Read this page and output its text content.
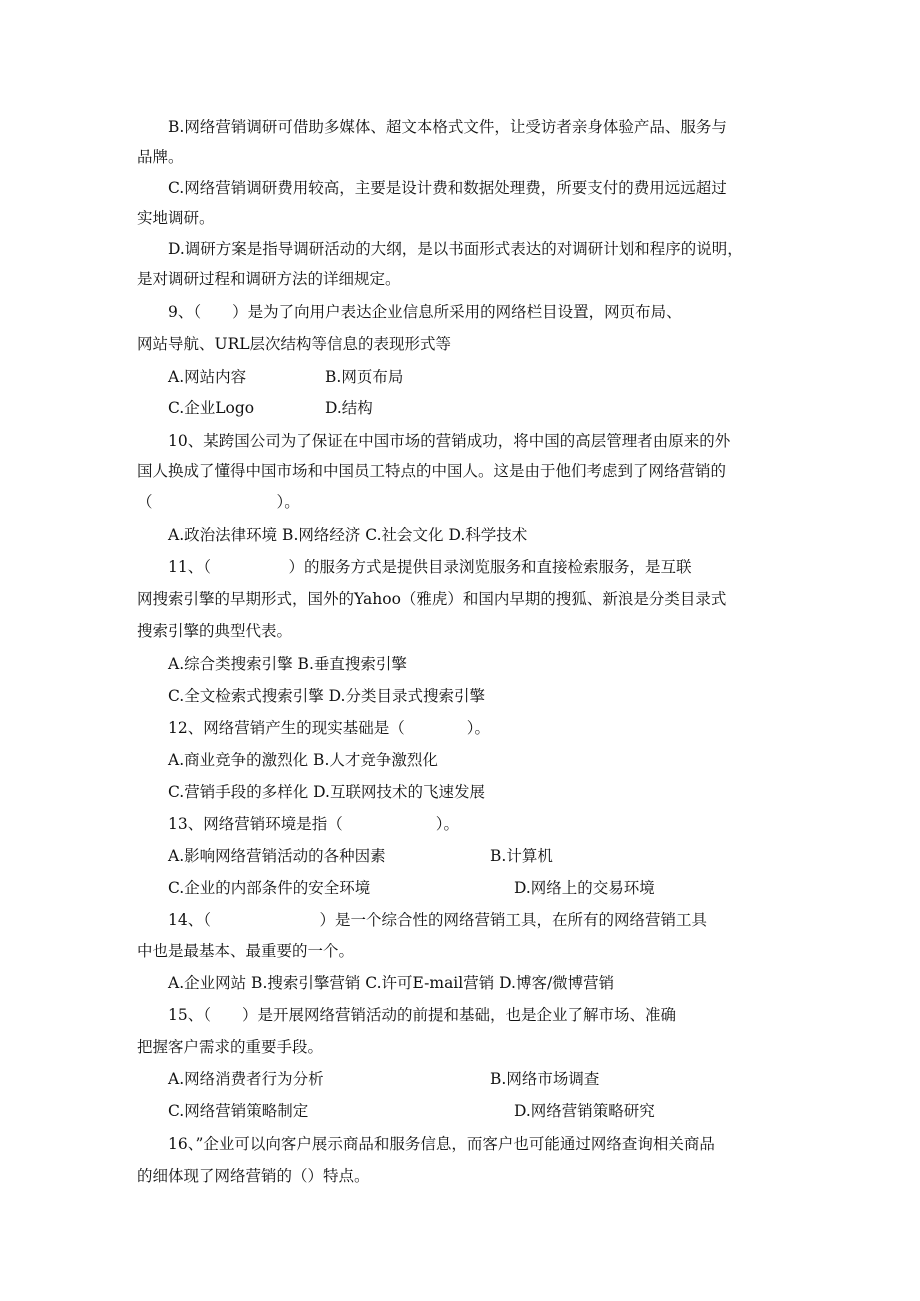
B.网络营销调研可借助多媒体、超文本格式文件，让受访者亲身体验产品、服务与
品牌。
C.网络营销调研费用较高，主要是设计费和数据处理费，所要支付的费用远远超过
实地调研。
D.调研方案是指导调研活动的大纲，是以书面形式表达的对调研计划和程序的说明，
是对调研过程和调研方法的详细规定。
9、（　　）是为了向用户表达企业信息所采用的网络栏目设置，网页布局、
网站导航、URL层次结构等信息的表现形式等
A.网站内容	B.网页布局
C.企业Logo	D.结构
10、某跨国公司为了保证在中国市场的营销成功，将中国的高层管理者由原来的外
国人换成了懂得中国市场和中国员工特点的中国人。这是由于他们考虑到了网络营销的
（　　　　　　　　）。
A.政治法律环境 B.网络经济 C.社会文化 D.科学技术
11、（　　　　　）的服务方式是提供目录浏览服务和直接检索服务，是互联
网搜索引擎的早期形式，国外的Yahoo（雅虎）和国内早期的搜狐、新浪是分类目录式
搜索引擎的典型代表。
A.综合类搜索引擎 B.垂直搜索引擎
C.全文检索式搜索引擎 D.分类目录式搜索引擎
12、网络营销产生的现实基础是（　　　　）。
A.商业竞争的激烈化 B.人才竞争激烈化
C.营销手段的多样化 D.互联网技术的飞速发展
13、网络营销环境是指（　　　　　　）。
A.影响网络营销活动的各种因素	B.计算机
C.企业的内部条件的安全环境	D.网络上的交易环境
14、（　　　　　　　）是一个综合性的网络营销工具，在所有的网络营销工具
中也是最基本、最重要的一个。
A.企业网站 B.搜索引擎营销 C.许可E-mail营销 D.博客/微博营销
15、（　　）是开展网络营销活动的前提和基础，也是企业了解市场、准确
把握客户需求的重要手段。
A.网络消费者行为分析	B.网络市场调查
C.网络营销策略制定	D.网络营销策略研究
16、”企业可以向客户展示商品和服务信息，而客户也可能通过网络查询相关商品
的细体现了网络营销的（）特点。
